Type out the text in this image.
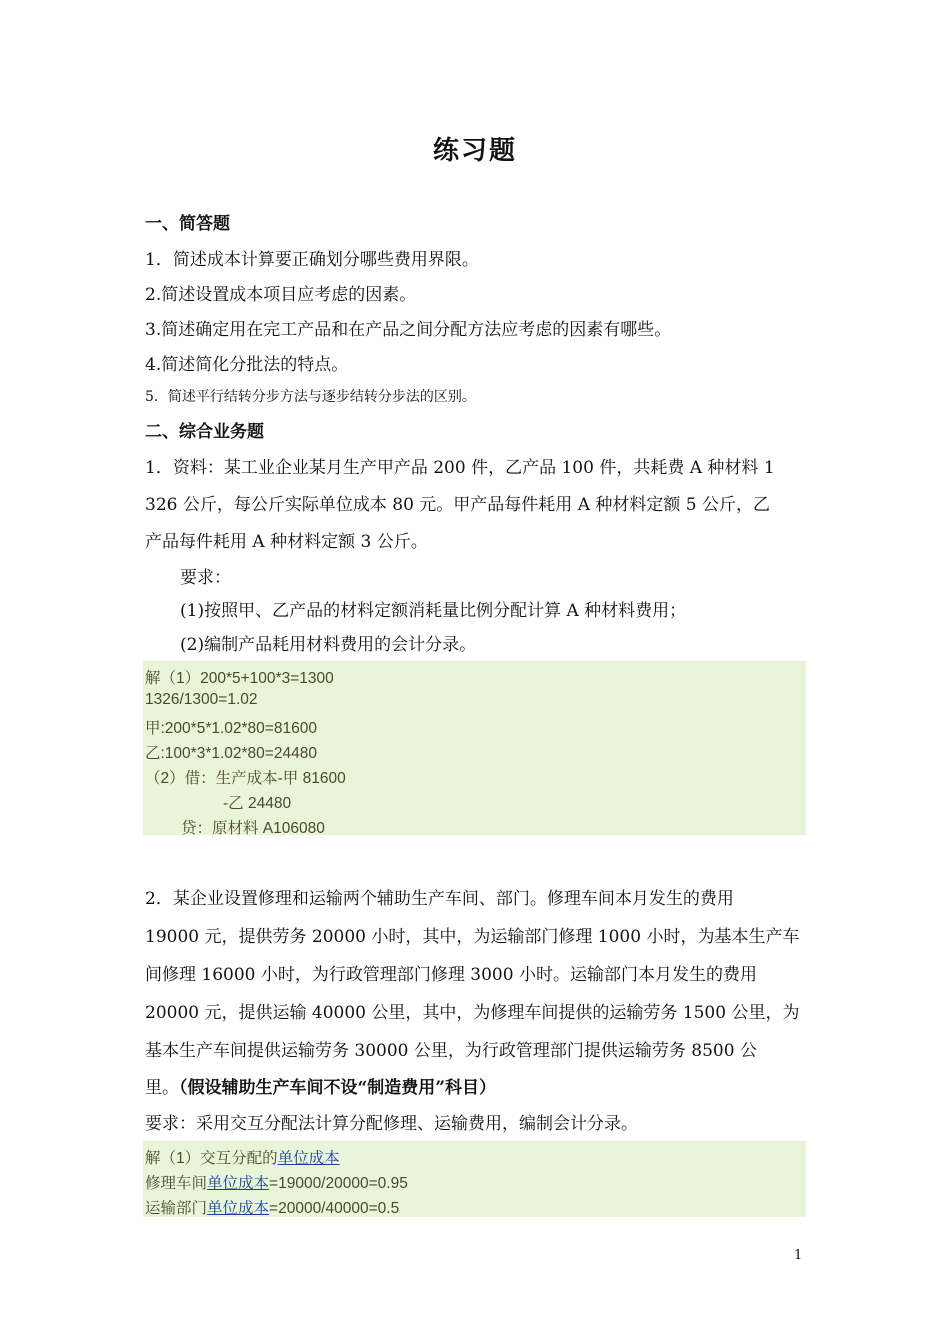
练习题
一、简答题
1．简述成本计算要正确划分哪些费用界限。
2.简述设置成本项目应考虑的因素。
3.简述确定用在完工产品和在产品之间分配方法应考虑的因素有哪些。
4.简述简化分批法的特点。
5．简述平行结转分步方法与逐步结转分步法的区别。
二、综合业务题
1．资料：某工业企业某月生产甲产品 200 件，乙产品 100 件，共耗费 A 种材料 1
326 公斤，每公斤实际单位成本 80 元。甲产品每件耗用 A 种材料定额 5 公斤，乙
产品每件耗用 A 种材料定额 3 公斤。
要求：
(1)按照甲、乙产品的材料定额消耗量比例分配计算 A 种材料费用；
(2)编制产品耗用材料费用的会计分录。
解（1）200*5+100*3=1300
1326/1300=1.02
甲:200*5*1.02*80=81600
乙:100*3*1.02*80=24480
（2）借：生产成本-甲 81600
-乙 24480
贷：原材料 A106080
2．某企业设置修理和运输两个辅助生产车间、部门。修理车间本月发生的费用
19000 元，提供劳务 20000 小时，其中，为运输部门修理 1000 小时，为基本生产车
间修理 16000 小时，为行政管理部门修理 3000 小时。运输部门本月发生的费用
20000 元，提供运输 40000 公里，其中，为修理车间提供的运输劳务 1500 公里，为
基本生产车间提供运输劳务 30000 公里，为行政管理部门提供运输劳务 8500 公
里。（假设辅助生产车间不设“制造费用”科目）
要求：采用交互分配法计算分配修理、运输费用，编制会计分录。
解（1）交互分配的单位成本
修理车间单位成本=19000/20000=0.95
运输部门单位成本=20000/40000=0.5
1
